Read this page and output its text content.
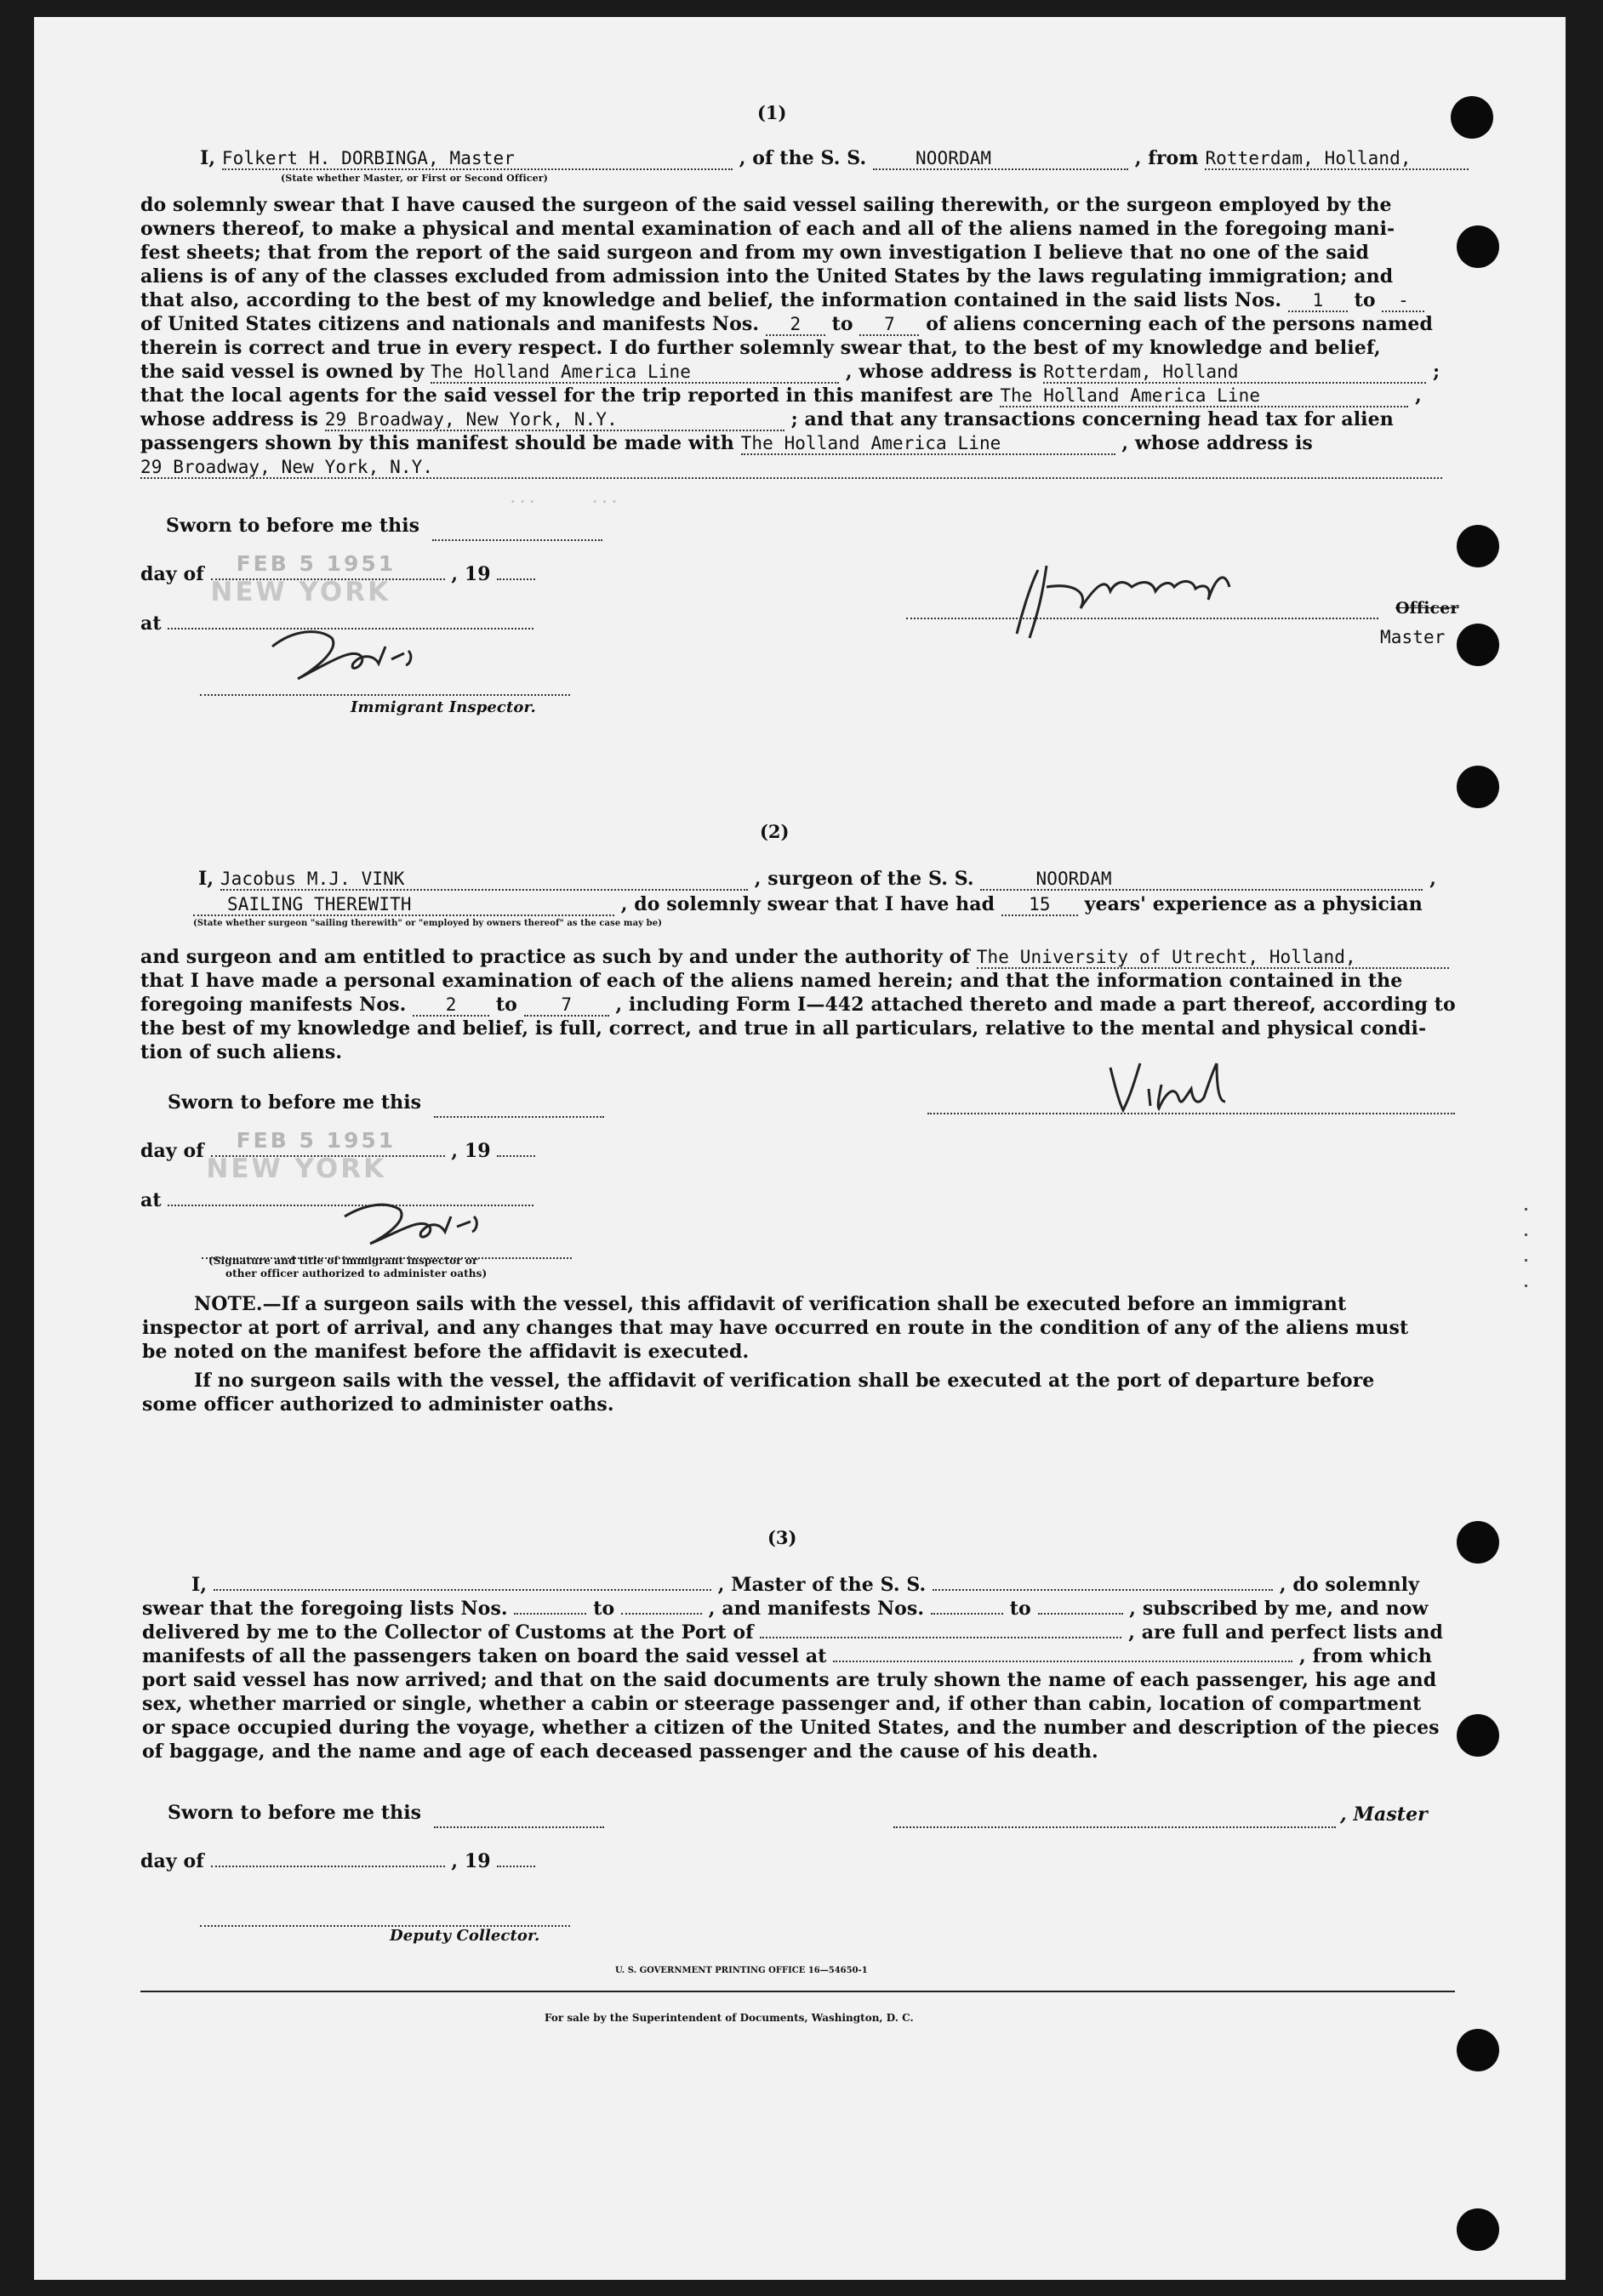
(1)
I, Folkert H. DORBINGA, Master	, of the S. S.	NOORDAM	, from Rotterdam, Holland,
(State whether Master, or First or Second Officer)
do solemnly swear that I have caused the surgeon of the said vessel sailing therewith, or the surgeon employed by the
owners thereof, to make a physical and mental examination of each and all of the aliens named in the foregoing mani-
fest sheets; that from the report of the said surgeon and from my own investigation I believe that no one of the said
aliens is of any of the classes excluded from admission into the United States by the laws regulating immigration; and
that also, according to the best of my knowledge and belief, the information contained in the said lists Nos. 1 to -
of United States citizens and nationals and manifests Nos. 2 to 7 of aliens concerning each of the persons named
therein is correct and true in every respect. I do further solemnly swear that, to the best of my knowledge and belief,
the said vessel is owned by The Holland America Line	, whose address is Rotterdam, Holland	;
that the local agents for the said vessel for the trip reported in this manifest are The Holland America Line	,
whose address is 29 Broadway, New York, N.Y.	; and that any transactions concerning head tax for alien
passengers shown by this manifest should be made with The Holland America Line	, whose address is
29 Broadway, New York, N.Y.
· · ·            · · ·
Sworn to before me this
day of FEB 5 1951	, 19
at
NEW YORK
Immigrant Inspector.
Officer
Master
(2)
I, Jacobus M.J. VINK	, surgeon of the S. S.	NOORDAM	,
SAILING THEREWITH	, do solemnly swear that I have had 15 years' experience as a physician
(State whether surgeon "sailing therewith" or "employed by owners thereof" as the case may be)
and surgeon and am entitled to practice as such by and under the authority of The University of Utrecht, Holland,
that I have made a personal examination of each of the aliens named herein; and that the information contained in the
foregoing manifests Nos. 2 to 7 , including Form I—442 attached thereto and made a part thereof, according to
the best of my knowledge and belief, is full, correct, and true in all particulars, relative to the mental and physical condi-
tion of such aliens.
Sworn to before me this
day of FEB 5 1951	, 19
at
NEW YORK
(Signature and title of immigrant inspector or
other officer authorized to administer oaths)
NOTE.—If a surgeon sails with the vessel, this affidavit of verification shall be executed before an immigrant
inspector at port of arrival, and any changes that may have occurred en route in the condition of any of the aliens must
be noted on the manifest before the affidavit is executed.
If no surgeon sails with the vessel, the affidavit of verification shall be executed at the port of departure before
some officer authorized to administer oaths.
(3)
I,	, Master of the S. S.	, do solemnly
swear that the foregoing lists Nos.	to	, and manifests Nos.	to	, subscribed by me, and now
delivered by me to the Collector of Customs at the Port of	, are full and perfect lists and
manifests of all the passengers taken on board the said vessel at	, from which
port said vessel has now arrived; and that on the said documents are truly shown the name of each passenger, his age and
sex, whether married or single, whether a cabin or steerage passenger and, if other than cabin, location of compartment
or space occupied during the voyage, whether a citizen of the United States, and the number and description of the pieces
of baggage, and the name and age of each deceased passenger and the cause of his death.
Sworn to before me this	, Master
day of	, 19
Deputy Collector.
U. S. GOVERNMENT PRINTING OFFICE 16—54650-1
For sale by the Superintendent of Documents, Washington, D. C.
